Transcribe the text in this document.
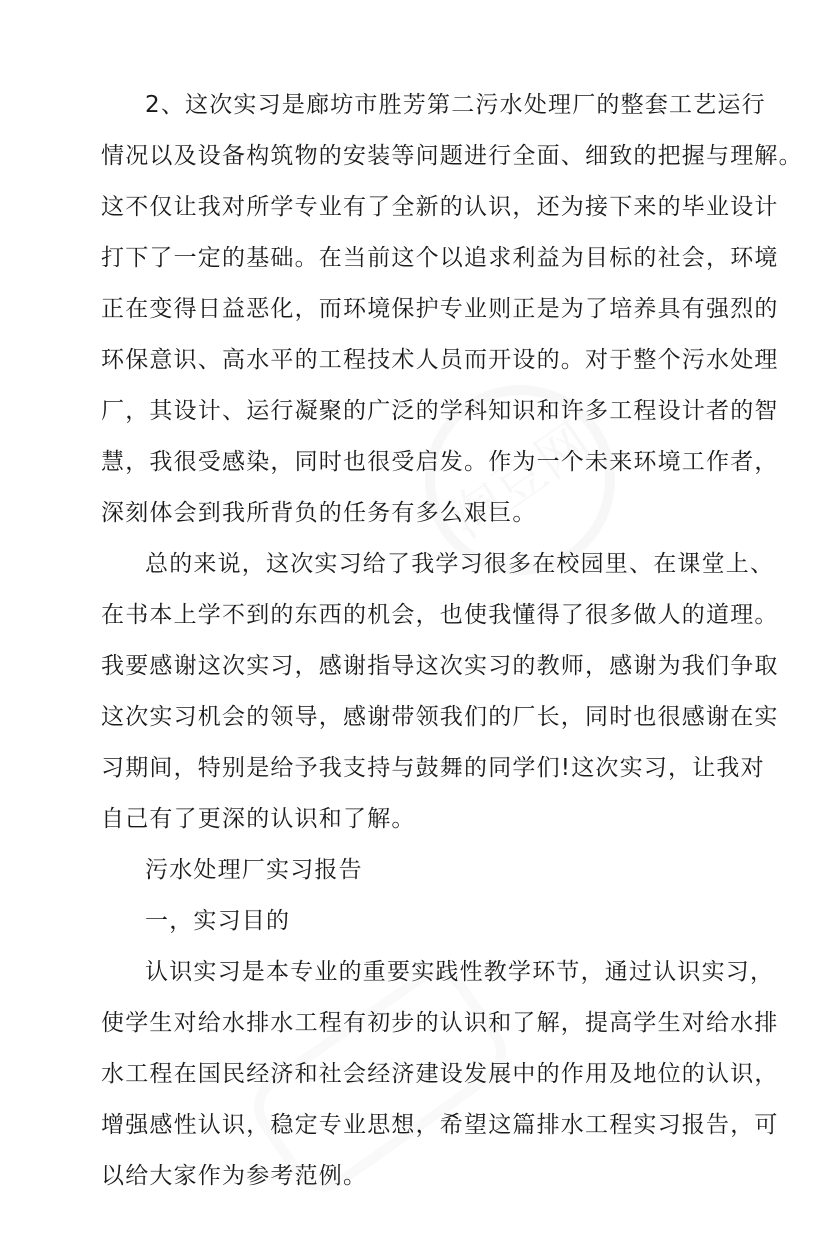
淘豆网
2、这次实习是廊坊市胜芳第二污水处理厂的整套工艺运行
情况以及设备构筑物的安装等问题进行全面、细致的把握与理解。
这不仅让我对所学专业有了全新的认识，还为接下来的毕业设计
打下了一定的基础。在当前这个以追求利益为目标的社会，环境
正在变得日益恶化，而环境保护专业则正是为了培养具有强烈的
环保意识、高水平的工程技术人员而开设的。对于整个污水处理
厂，其设计、运行凝聚的广泛的学科知识和许多工程设计者的智
慧，我很受感染，同时也很受启发。作为一个未来环境工作者，
深刻体会到我所背负的任务有多么艰巨。
总的来说，这次实习给了我学习很多在校园里、在课堂上、
在书本上学不到的东西的机会，也使我懂得了很多做人的道理。
我要感谢这次实习，感谢指导这次实习的教师，感谢为我们争取
这次实习机会的领导，感谢带领我们的厂长，同时也很感谢在实
习期间，特别是给予我支持与鼓舞的同学们!这次实习，让我对
自己有了更深的认识和了解。
污水处理厂实习报告
一，实习目的
认识实习是本专业的重要实践性教学环节，通过认识实习，
使学生对给水排水工程有初步的认识和了解，提高学生对给水排
水工程在国民经济和社会经济建设发展中的作用及地位的认识，
增强感性认识，稳定专业思想，希望这篇排水工程实习报告，可
以给大家作为参考范例。
